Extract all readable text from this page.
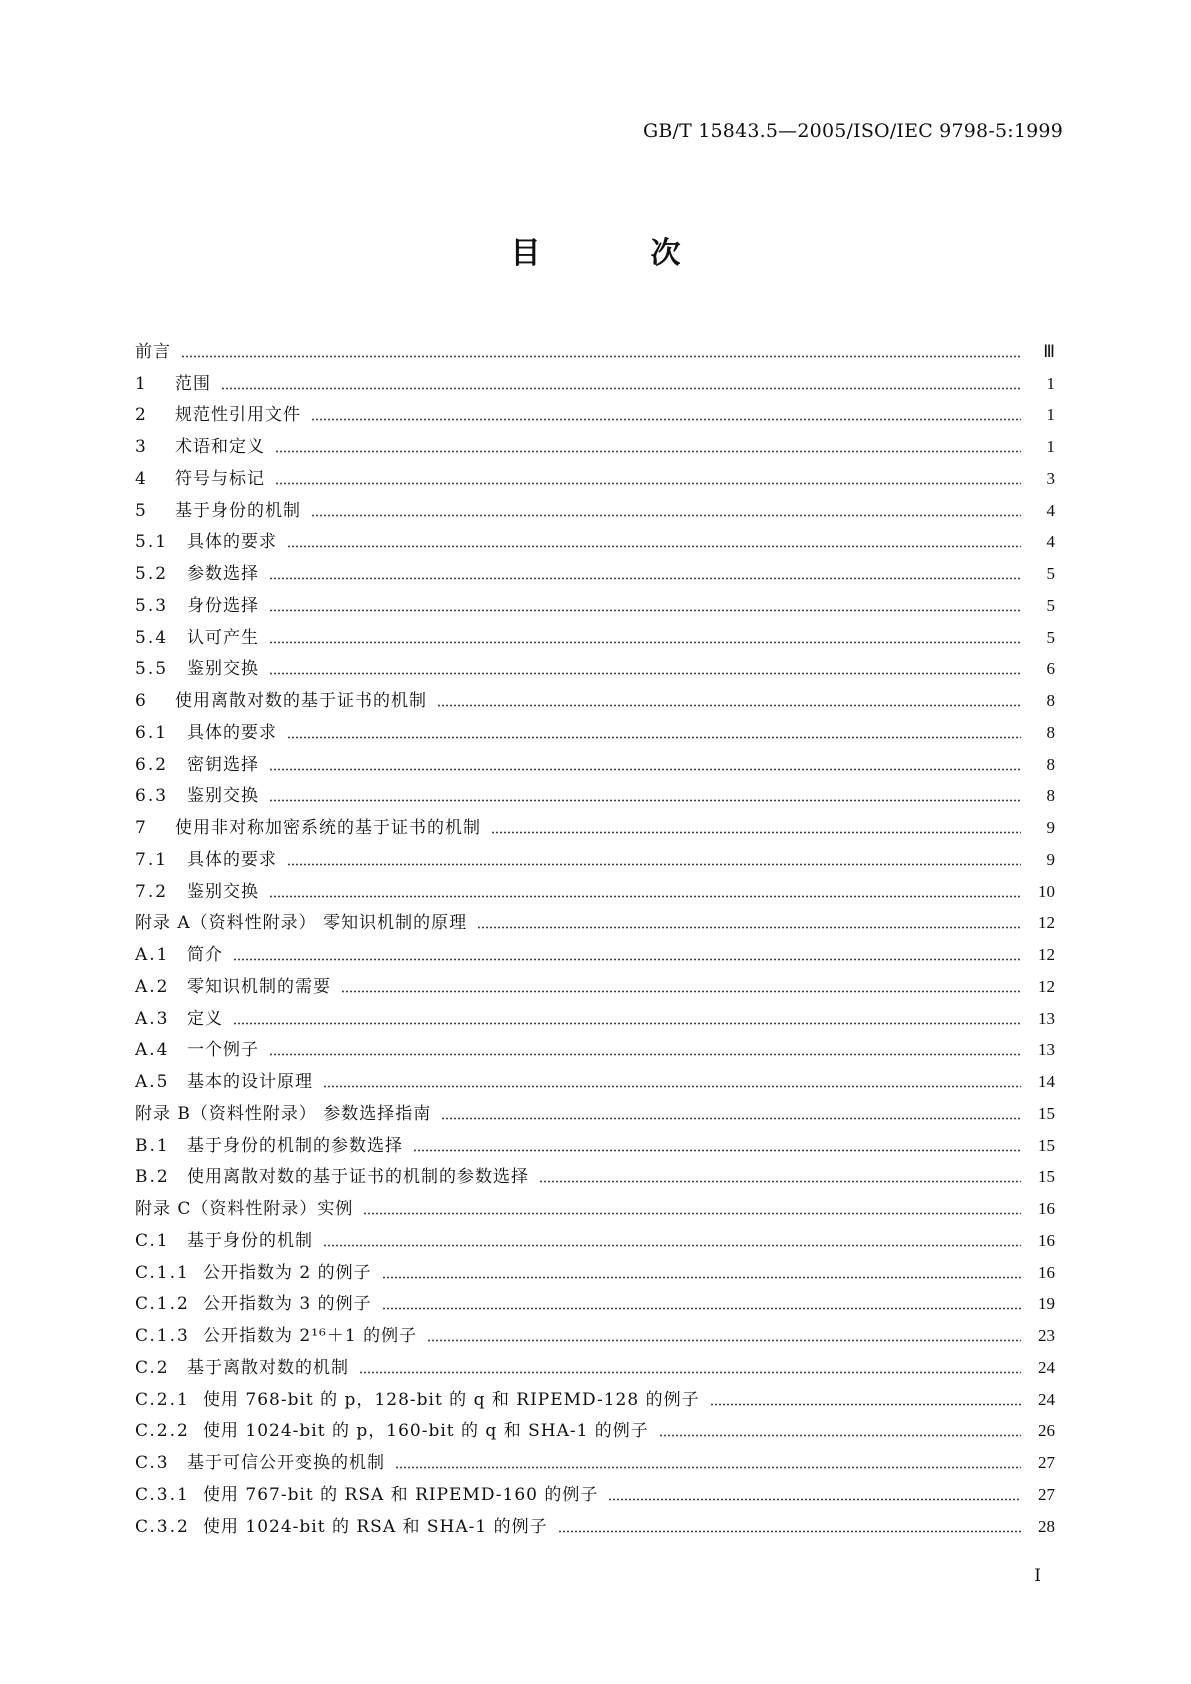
GB/T 15843.5—2005/ISO/IEC 9798-5:1999
目　次
前言	Ⅲ
1	范围	1
2	规范性引用文件	1
3	术语和定义	1
4	符号与标记	3
5	基于身份的机制	4
5.1	具体的要求	4
5.2	参数选择	5
5.3	身份选择	5
5.4	认可产生	5
5.5	鉴别交换	6
6	使用离散对数的基于证书的机制	8
6.1	具体的要求	8
6.2	密钥选择	8
6.3	鉴别交换	8
7	使用非对称加密系统的基于证书的机制	9
7.1	具体的要求	9
7.2	鉴别交换	10
附录 A（资料性附录） 零知识机制的原理	12
A.1	简介	12
A.2	零知识机制的需要	12
A.3	定义	13
A.4	一个例子	13
A.5	基本的设计原理	14
附录 B（资料性附录） 参数选择指南	15
B.1	基于身份的机制的参数选择	15
B.2	使用离散对数的基于证书的机制的参数选择	15
附录 C（资料性附录）实例	16
C.1	基于身份的机制	16
C.1.1 公开指数为 2 的例子	16
C.1.2 公开指数为 3 的例子	19
C.1.3 公开指数为 2¹⁶＋1 的例子	23
C.2	基于离散对数的机制	24
C.2.1 使用 768-bit 的 p，128-bit 的 q 和 RIPEMD-128 的例子	24
C.2.2 使用 1024-bit 的 p，160-bit 的 q 和 SHA-1 的例子	26
C.3	基于可信公开变换的机制	27
C.3.1 使用 767-bit 的 RSA 和 RIPEMD-160 的例子	27
C.3.2 使用 1024-bit 的 RSA 和 SHA-1 的例子	28
I
